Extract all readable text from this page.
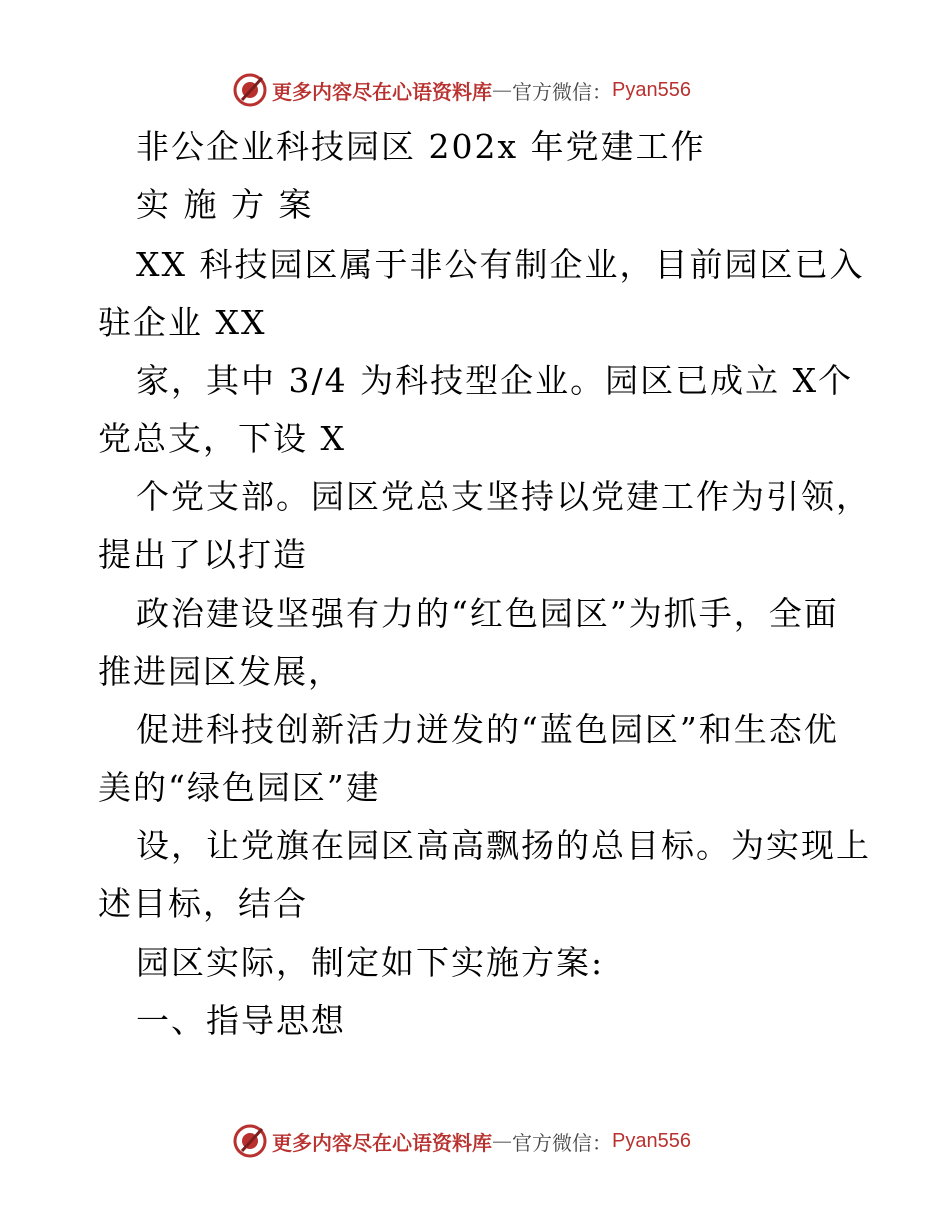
更多内容尽在心语资料库 — 官方微信： Pyan556
非公企业科技园区 202x 年党建工作
实 施 方 案
XX 科技园区属于非公有制企业，目前园区已入
驻企业 XX
家，其中 3/4 为科技型企业。园区已成立 X个
党总支，下设 X
个党支部。园区党总支坚持以党建工作为引领，
提出了以打造
政治建设坚强有力的“红色园区”为抓手，全面
推进园区发展，
促进科技创新活力迸发的“蓝色园区”和生态优
美的“绿色园区”建
设，让党旗在园区高高飘扬的总目标。为实现上
述目标，结合
园区实际，制定如下实施方案:
一、指导思想
更多内容尽在心语资料库 — 官方微信： Pyan556
